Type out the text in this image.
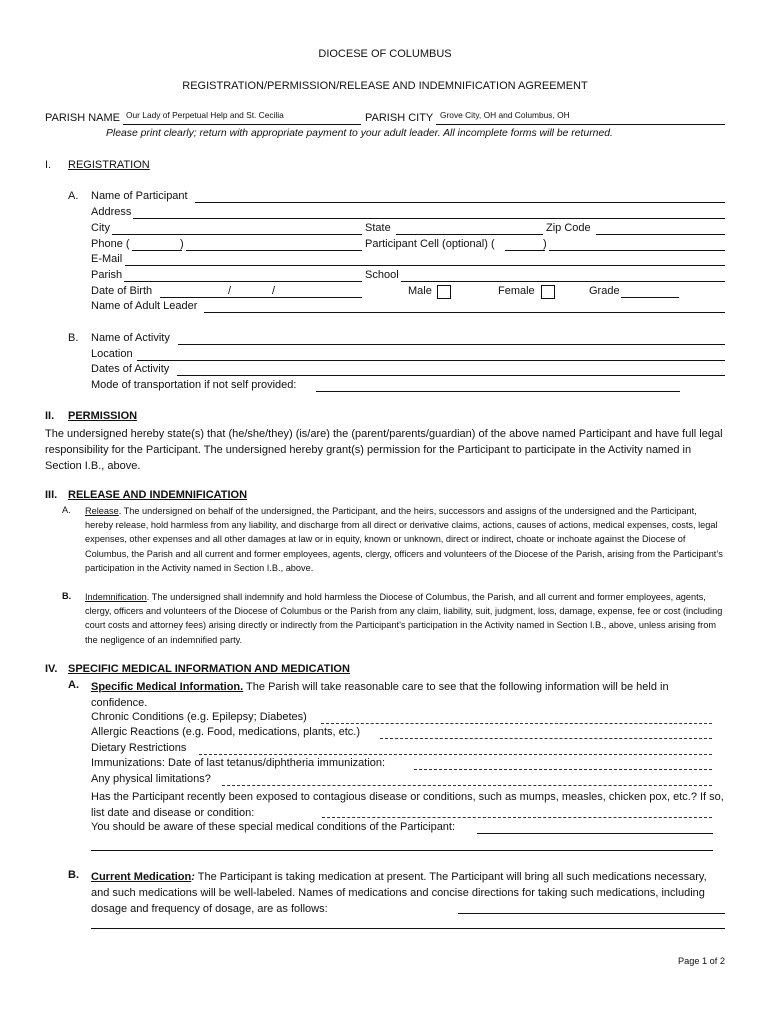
DIOCESE OF COLUMBUS
REGISTRATION/PERMISSION/RELEASE AND INDEMNIFICATION AGREEMENT
PARISH NAME Our Lady of Perpetual Help and St. Cecilia	PARISH CITY Grove City, OH and Columbus, OH
Please print clearly; return with appropriate payment to your adult leader. All incomplete forms will be returned.
I. REGISTRATION
A. Name of Participant
Address
City	State	Zip Code
Phone (	)	Participant Cell (optional) (	)
E-Mail
Parish	School
Date of Birth	/	/	Male	Female	Grade
Name of Adult Leader
B. Name of Activity
Location
Dates of Activity
Mode of transportation if not self provided:
II. PERMISSION
The undersigned hereby state(s) that (he/she/they) (is/are) the (parent/parents/guardian) of the above named Participant and have full legal responsibility for the Participant. The undersigned hereby grant(s) permission for the Participant to participate in the Activity named in Section I.B., above.
III. RELEASE AND INDEMNIFICATION
A. Release. The undersigned on behalf of the undersigned, the Participant, and the heirs, successors and assigns of the undersigned and the Participant, hereby release, hold harmless from any liability, and discharge from all direct or derivative claims, actions, causes of actions, medical expenses, costs, legal expenses, other expenses and all other damages at law or in equity, known or unknown, direct or indirect, choate or inchoate against the Diocese of Columbus, the Parish and all current and former employees, agents, clergy, officers and volunteers of the Diocese of the Parish, arising from the Participant’s participation in the Activity named in Section I.B., above.
B. Indemnification. The undersigned shall indemnify and hold harmless the Diocese of Columbus, the Parish, and all current and former employees, agents, clergy, officers and volunteers of the Diocese of Columbus or the Parish from any claim, liability, suit, judgment, loss, damage, expense, fee or cost (including court costs and attorney fees) arising directly or indirectly from the Participant’s participation in the Activity named in Section I.B., above, unless arising from the negligence of an indemnified party.
IV. SPECIFIC MEDICAL INFORMATION AND MEDICATION
A. Specific Medical Information. The Parish will take reasonable care to see that the following information will be held in confidence.
Chronic Conditions (e.g. Epilepsy; Diabetes)
Allergic Reactions (e.g. Food, medications, plants, etc.)
Dietary Restrictions
Immunizations: Date of last tetanus/diphtheria immunization:
Any physical limitations?
Has the Participant recently been exposed to contagious disease or conditions, such as mumps, measles, chicken pox, etc.? If so, list date and disease or condition:
You should be aware of these special medical conditions of the Participant:
B. Current Medication: The Participant is taking medication at present. The Participant will bring all such medications necessary, and such medications will be well-labeled. Names of medications and concise directions for taking such medications, including dosage and frequency of dosage, are as follows:
Page 1 of 2
